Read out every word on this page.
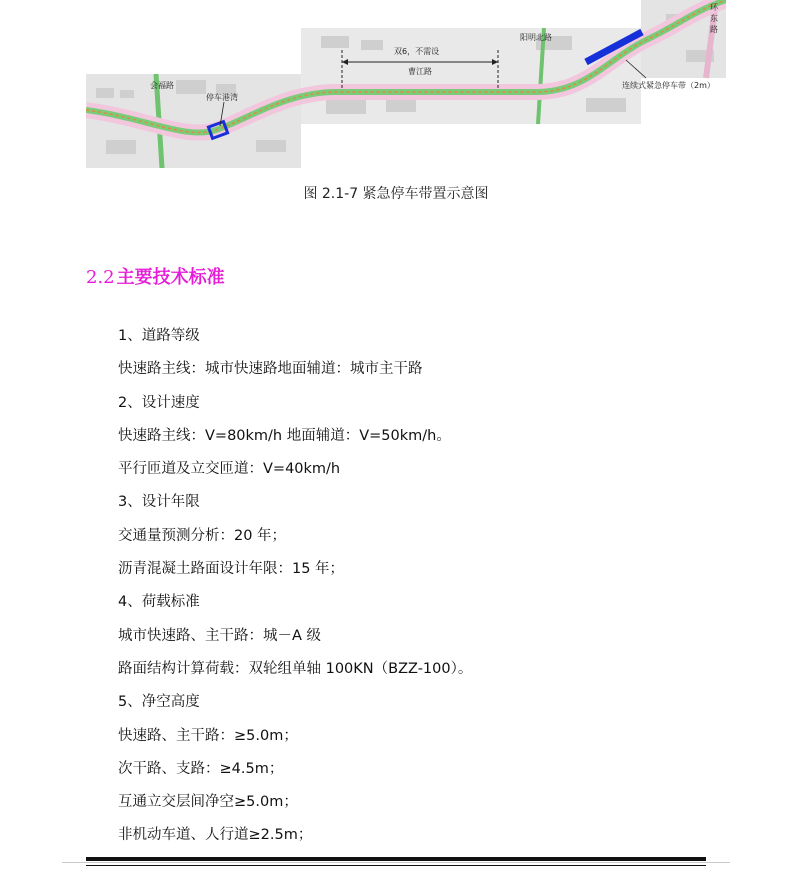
会福路
停车港湾
双6，不需设
曹江路
阳明北路
连续式紧急停车带（2m）
环东路
图 2.1-7 紧急停车带置示意图
2.2 主要技术标准
1、道路等级
快速路主线：城市快速路地面辅道：城市主干路
2、设计速度
快速路主线：V=80km/h 地面辅道：V=50km/h。
平行匝道及立交匝道：V=40km/h
3、设计年限
交通量预测分析：20 年；
沥青混凝土路面设计年限：15 年；
4、荷载标准
城市快速路、主干路：城－A 级
路面结构计算荷载：双轮组单轴 100KN（BZZ-100）。
5、净空高度
快速路、主干路：≥5.0m；
次干路、支路：≥4.5m；
互通立交层间净空≥5.0m；
非机动车道、人行道≥2.5m；
